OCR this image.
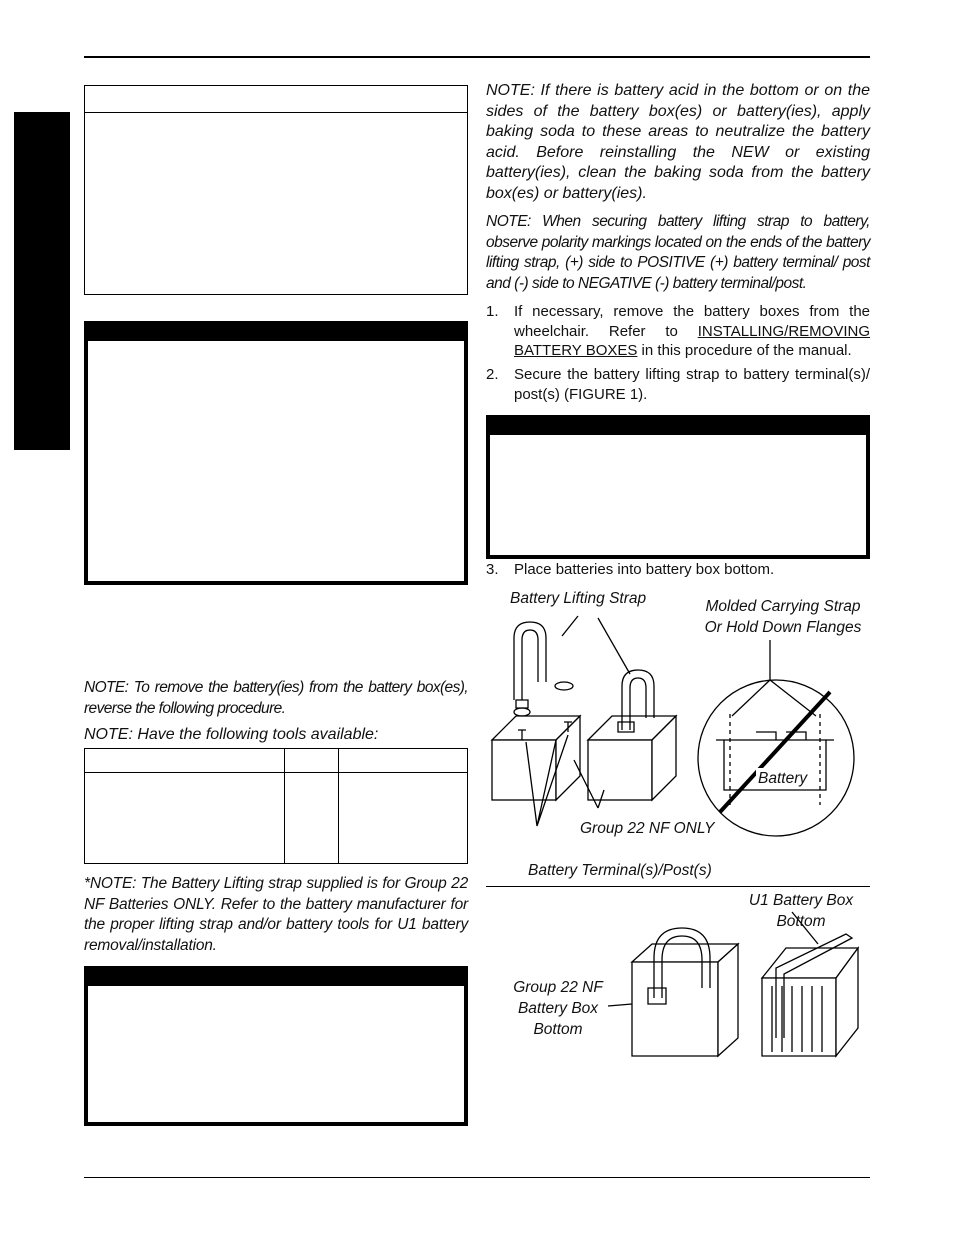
NOTE: To remove the battery(ies) from the battery box(es), reverse the following procedure.

NOTE: Have the following tools available:

*NOTE: The Battery Lifting strap supplied is for Group 22 NF Batteries ONLY. Refer to the battery manufacturer for the proper lifting strap and/or battery tools for U1 battery removal/installation.

NOTE: If there is battery acid in the bottom or on the sides of the battery box(es) or battery(ies), apply baking soda to these areas to neutralize the battery acid. Before reinstalling the NEW or existing battery(ies), clean the baking soda from the battery box(es) or battery(ies).

NOTE: When securing battery lifting strap to battery, observe polarity markings located on the ends of the battery lifting strap, (+) side to POSITIVE (+) battery terminal/ post and (-) side to NEGATIVE (-) battery terminal/post.

1. If necessary, remove the battery boxes from the wheelchair. Refer to INSTALLING/REMOVING BATTERY BOXES in this procedure of the manual.
2. Secure the battery lifting strap to battery terminal(s)/ post(s) (FIGURE 1).
3. Place batteries into battery box bottom.
Battery Lifting Strap	Molded Carrying Strap
Or Hold Down Flanges
Battery
Group 22 NF ONLY
Battery Terminal(s)/Post(s)
U1 Battery Box
Bottom
Group 22 NF
Battery Box
Bottom
